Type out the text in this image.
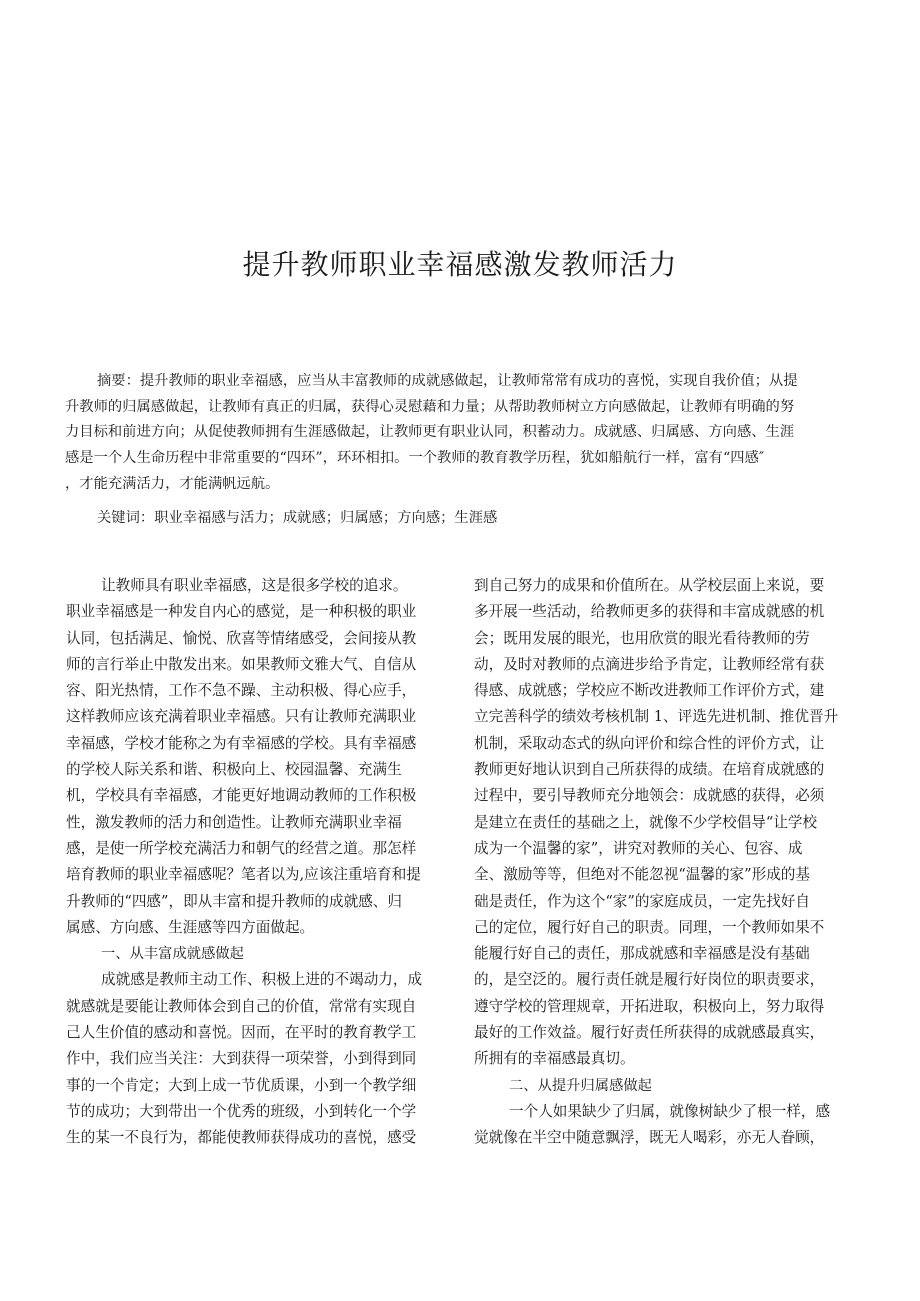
提升教师职业幸福感激发教师活力
摘要：提升教师的职业幸福感，应当从丰富教师的成就感做起，让教师常常有成功的喜悦，实现自我价值；从提
升教师的归属感做起，让教师有真正的归属，获得心灵慰藉和力量；从帮助教师树立方向感做起，让教师有明确的努
力目标和前进方向；从促使教师拥有生涯感做起，让教师更有职业认同，积蓄动力。成就感、归属感、方向感、生涯
感是一个人生命历程中非常重要的“四环”，环环相扣。一个教师的教育教学历程，犹如船航行一样，富有“四感″
，才能充满活力，才能满帆远航。
关键词：职业幸福感与活力；成就感；归属感；方向感；生涯感
让教师具有职业幸福感，这是很多学校的追求。
职业幸福感是一种发自内心的感觉，是一种积极的职业
认同，包括满足、愉悦、欣喜等情绪感受，会间接从教
师的言行举止中散发出来。如果教师文雅大气、自信从
容、阳光热情，工作不急不躁、主动积极、得心应手，
这样教师应该充满着职业幸福感。只有让教师充满职业
幸福感，学校才能称之为有幸福感的学校。具有幸福感
的学校人际关系和谐、积极向上、校园温馨、充满生
机，学校具有幸福感，才能更好地调动教师的工作积极
性，激发教师的活力和创造性。让教师充满职业幸福
感，是使一所学校充满活力和朝气的经营之道。那怎样
培育教师的职业幸福感呢？笔者以为,应该注重培育和提
升教师的“四感”，即从丰富和提升教师的成就感、归
属感、方向感、生涯感等四方面做起。
一、从丰富成就感做起
成就感是教师主动工作、积极上进的不竭动力，成
就感就是要能让教师体会到自己的价值，常常有实现自
己人生价值的感动和喜悦。因而，在平时的教育教学工
作中，我们应当关注：大到获得一项荣誉，小到得到同
事的一个肯定；大到上成一节优质课，小到一个教学细
节的成功；大到带出一个优秀的班级，小到转化一个学
生的某一不良行为，都能使教师获得成功的喜悦，感受
到自己努力的成果和价值所在。从学校层面上来说，要
多开展一些活动，给教师更多的获得和丰富成就感的机
会；既用发展的眼光，也用欣赏的眼光看待教师的劳
动，及时对教师的点滴进步给予肯定，让教师经常有获
得感、成就感；学校应不断改进教师工作评价方式，建
立完善科学的绩效考核机制 1、评选先进机制、推优晋升
机制，采取动态式的纵向评价和综合性的评价方式，让
教师更好地认识到自己所获得的成绩。在培育成就感的
过程中，要引导教师充分地领会：成就感的获得，必须
是建立在责任的基础之上，就像不少学校倡导“让学校
成为一个温馨的家”，讲究对教师的关心、包容、成
全、激励等等，但绝对不能忽视“温馨的家”形成的基
础是责任，作为这个“家”的家庭成员，一定先找好自
己的定位，履行好自己的职责。同理，一个教师如果不
能履行好自己的责任，那成就感和幸福感是没有基础
的，是空泛的。履行责任就是履行好岗位的职责要求，
遵守学校的管理规章，开拓进取，积极向上，努力取得
最好的工作效益。履行好责任所获得的成就感最真实，
所拥有的幸福感最真切。
二、从提升归属感做起
一个人如果缺少了归属，就像树缺少了根一样，感
觉就像在半空中随意飘浮，既无人喝彩，亦无人眷顾，
